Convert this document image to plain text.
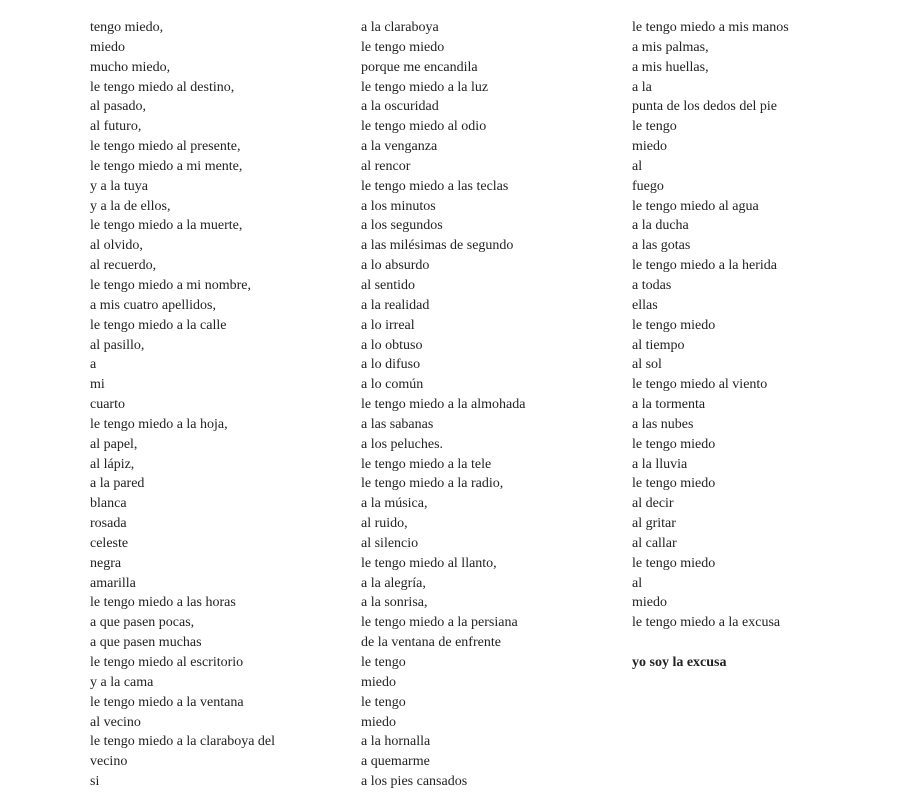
tengo miedo,
miedo
mucho miedo,
le tengo miedo al destino,
al pasado,
al futuro,
le tengo miedo al presente,
le tengo miedo a mi mente,
y a la tuya
y a la de ellos,
le tengo miedo a la muerte,
al olvido,
al recuerdo,
le tengo miedo a mi nombre,
a mis cuatro apellidos,
le tengo miedo a la calle
al pasillo,
a
mi
cuarto
le tengo miedo a la hoja,
al papel,
al lápiz,
a la pared
blanca
rosada
celeste
negra
amarilla
le tengo miedo a las horas
a que pasen pocas,
a que pasen muchas
le tengo miedo al escritorio
y a la cama
le tengo miedo a la ventana
al vecino
le tengo miedo a la claraboya del
vecino
si
a la claraboya
le tengo miedo
porque me encandila
le tengo miedo a la luz
a la oscuridad
le tengo miedo al odio
a la venganza
al rencor
le tengo miedo a las teclas
a los minutos
a los segundos
a las milésimas de segundo
a lo absurdo
al sentido
a la realidad
a lo irreal
a lo obtuso
a lo difuso
a lo común
le tengo miedo a la almohada
a las sabanas
a los peluches.
le tengo miedo a la tele
le tengo miedo a la radio,
a la música,
al ruido,
al silencio
le tengo miedo al llanto,
a la alegría,
a la sonrisa,
le tengo miedo a la persiana
de la ventana de enfrente
le tengo
miedo
le tengo
miedo
a la hornalla
a quemarme
a los pies cansados
le tengo miedo a mis manos
a mis palmas,
a mis huellas,
a la
punta de los dedos del pie
le tengo
miedo
al
fuego
le tengo miedo al agua
a la ducha
a las gotas
le tengo miedo a la herida
a todas
ellas
le tengo miedo
al tiempo
al sol
le tengo miedo al viento
a la tormenta
a las nubes
le tengo miedo
a la lluvia
le tengo miedo
al decir
al gritar
al callar
le tengo miedo
al
miedo
le tengo miedo a la excusa
yo soy la excusa
